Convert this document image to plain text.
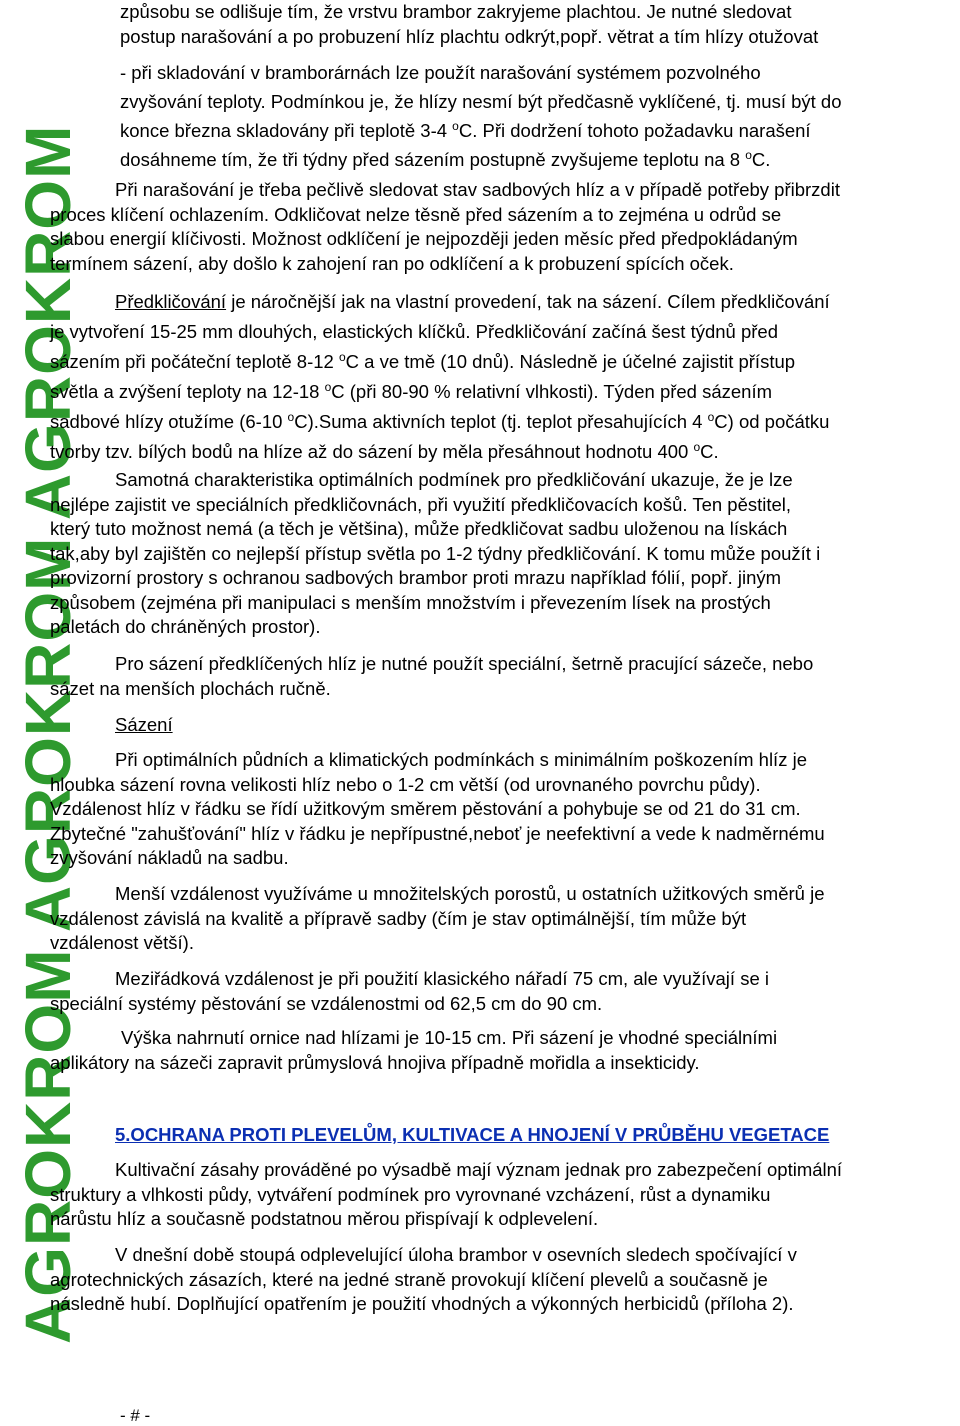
AGROKROM AGROKROM AGROKROM
způsobu se odlišuje tím, že vrstvu brambor zakryjeme plachtou. Je nutné sledovat
postup narašování a po probuzení hlíz plachtu odkrýt,popř. větrat a tím hlízy otužovat
- při skladování v bramborárnách lze použít narašování systémem pozvolného
zvyšování teploty. Podmínkou je, že hlízy nesmí být předčasně vyklíčené, tj. musí být do
konce března skladovány při teplotě 3-4 $^o$C. Při dodržení tohoto požadavku narašení
dosáhneme tím, že tři týdny před sázením postupně zvyšujeme teplotu na 8 $^o$C.
Při narašování je třeba pečlivě sledovat stav sadbových hlíz a v případě potřeby přibrzdit
proces klíčení ochlazením. Odkličovat nelze těsně před sázením a to zejména u odrůd se
slabou energií klíčivosti. Možnost odklíčení je nejpozději jeden měsíc před předpokládaným
termínem sázení, aby došlo k zahojení ran po odklíčení a k probuzení spících oček.
Předkličování je náročnější jak na vlastní provedení, tak na sázení. Cílem předkličování
je vytvoření 15-25 mm dlouhých, elastických klíčků. Předkličování začíná šest týdnů před
sázením při počáteční teplotě 8-12 $^o$C a ve tmě (10 dnů). Následně je účelné zajistit přístup
světla a zvýšení teploty na 12-18 $^o$C (při 80-90 % relativní vlhkosti). Týden před sázením
sadbové hlízy otužíme (6-10 $^o$C).Suma aktivních teplot (tj. teplot přesahujících 4 $^o$C) od počátku
tvorby tzv. bílých bodů na hlíze až do sázení by měla přesáhnout hodnotu 400 $^o$C.
Samotná charakteristika optimálních podmínek pro předkličování ukazuje, že je lze
nejlépe zajistit ve speciálních předkličovnách, při využití předkličovacích košů. Ten pěstitel,
který tuto možnost nemá (a těch je většina), může předkličovat sadbu uloženou na lískách
tak,aby byl zajištěn co nejlepší přístup světla po 1-2 týdny předkličování. K tomu může použít i
provizorní prostory s ochranou sadbových brambor proti mrazu například fólií, popř. jiným
způsobem (zejména při manipulaci s menším množstvím i převezením lísek na prostých
paletách do chráněných prostor).
Pro sázení předklíčených hlíz je nutné použít speciální, šetrně pracující sázeče, nebo
sázet na menších plochách ručně.
Sázení
Při optimálních půdních a klimatických podmínkách s minimálním poškozením hlíz je
hloubka sázení rovna velikosti hlíz nebo o 1-2 cm větší (od urovnaného povrchu půdy).
Vzdálenost hlíz v řádku se řídí užitkovým směrem pěstování a pohybuje se od 21 do 31 cm.
Zbytečné "zahušťování" hlíz v řádku je nepřípustné,neboť je neefektivní a vede k nadměrnému
zvyšování nákladů na sadbu.
Menší vzdálenost využíváme u množitelských porostů, u ostatních užitkových směrů je
vzdálenost závislá na kvalitě a přípravě sadby (čím je stav optimálnější, tím může být
vzdálenost větší).
Meziřádková vzdálenost je při použití klasického nářadí 75 cm, ale využívají se i
speciální systémy pěstování se vzdálenostmi od 62,5 cm do 90 cm.
Výška nahrnutí ornice nad hlízami je 10-15 cm. Při sázení je vhodné speciálními
aplikátory na sázeči zapravit průmyslová hnojiva případně mořidla a insekticidy.
5.OCHRANA PROTI PLEVELŮM, KULTIVACE A HNOJENÍ V PRŮBĚHU VEGETACE
Kultivační zásahy prováděné po výsadbě mají význam jednak pro zabezpečení optimální
struktury a vlhkosti půdy, vytváření podmínek pro vyrovnané vzcházení, růst a dynamiku
nárůstu hlíz a současně podstatnou měrou přispívají k odplevelení.
V dnešní době stoupá odplevelující úloha brambor v osevních sledech spočívající v
agrotechnických zásazích, které na jedné straně provokují klíčení plevelů a současně je
následně hubí. Doplňující opatřením je použití vhodných a výkonných herbicidů (příloha 2).
- # -
